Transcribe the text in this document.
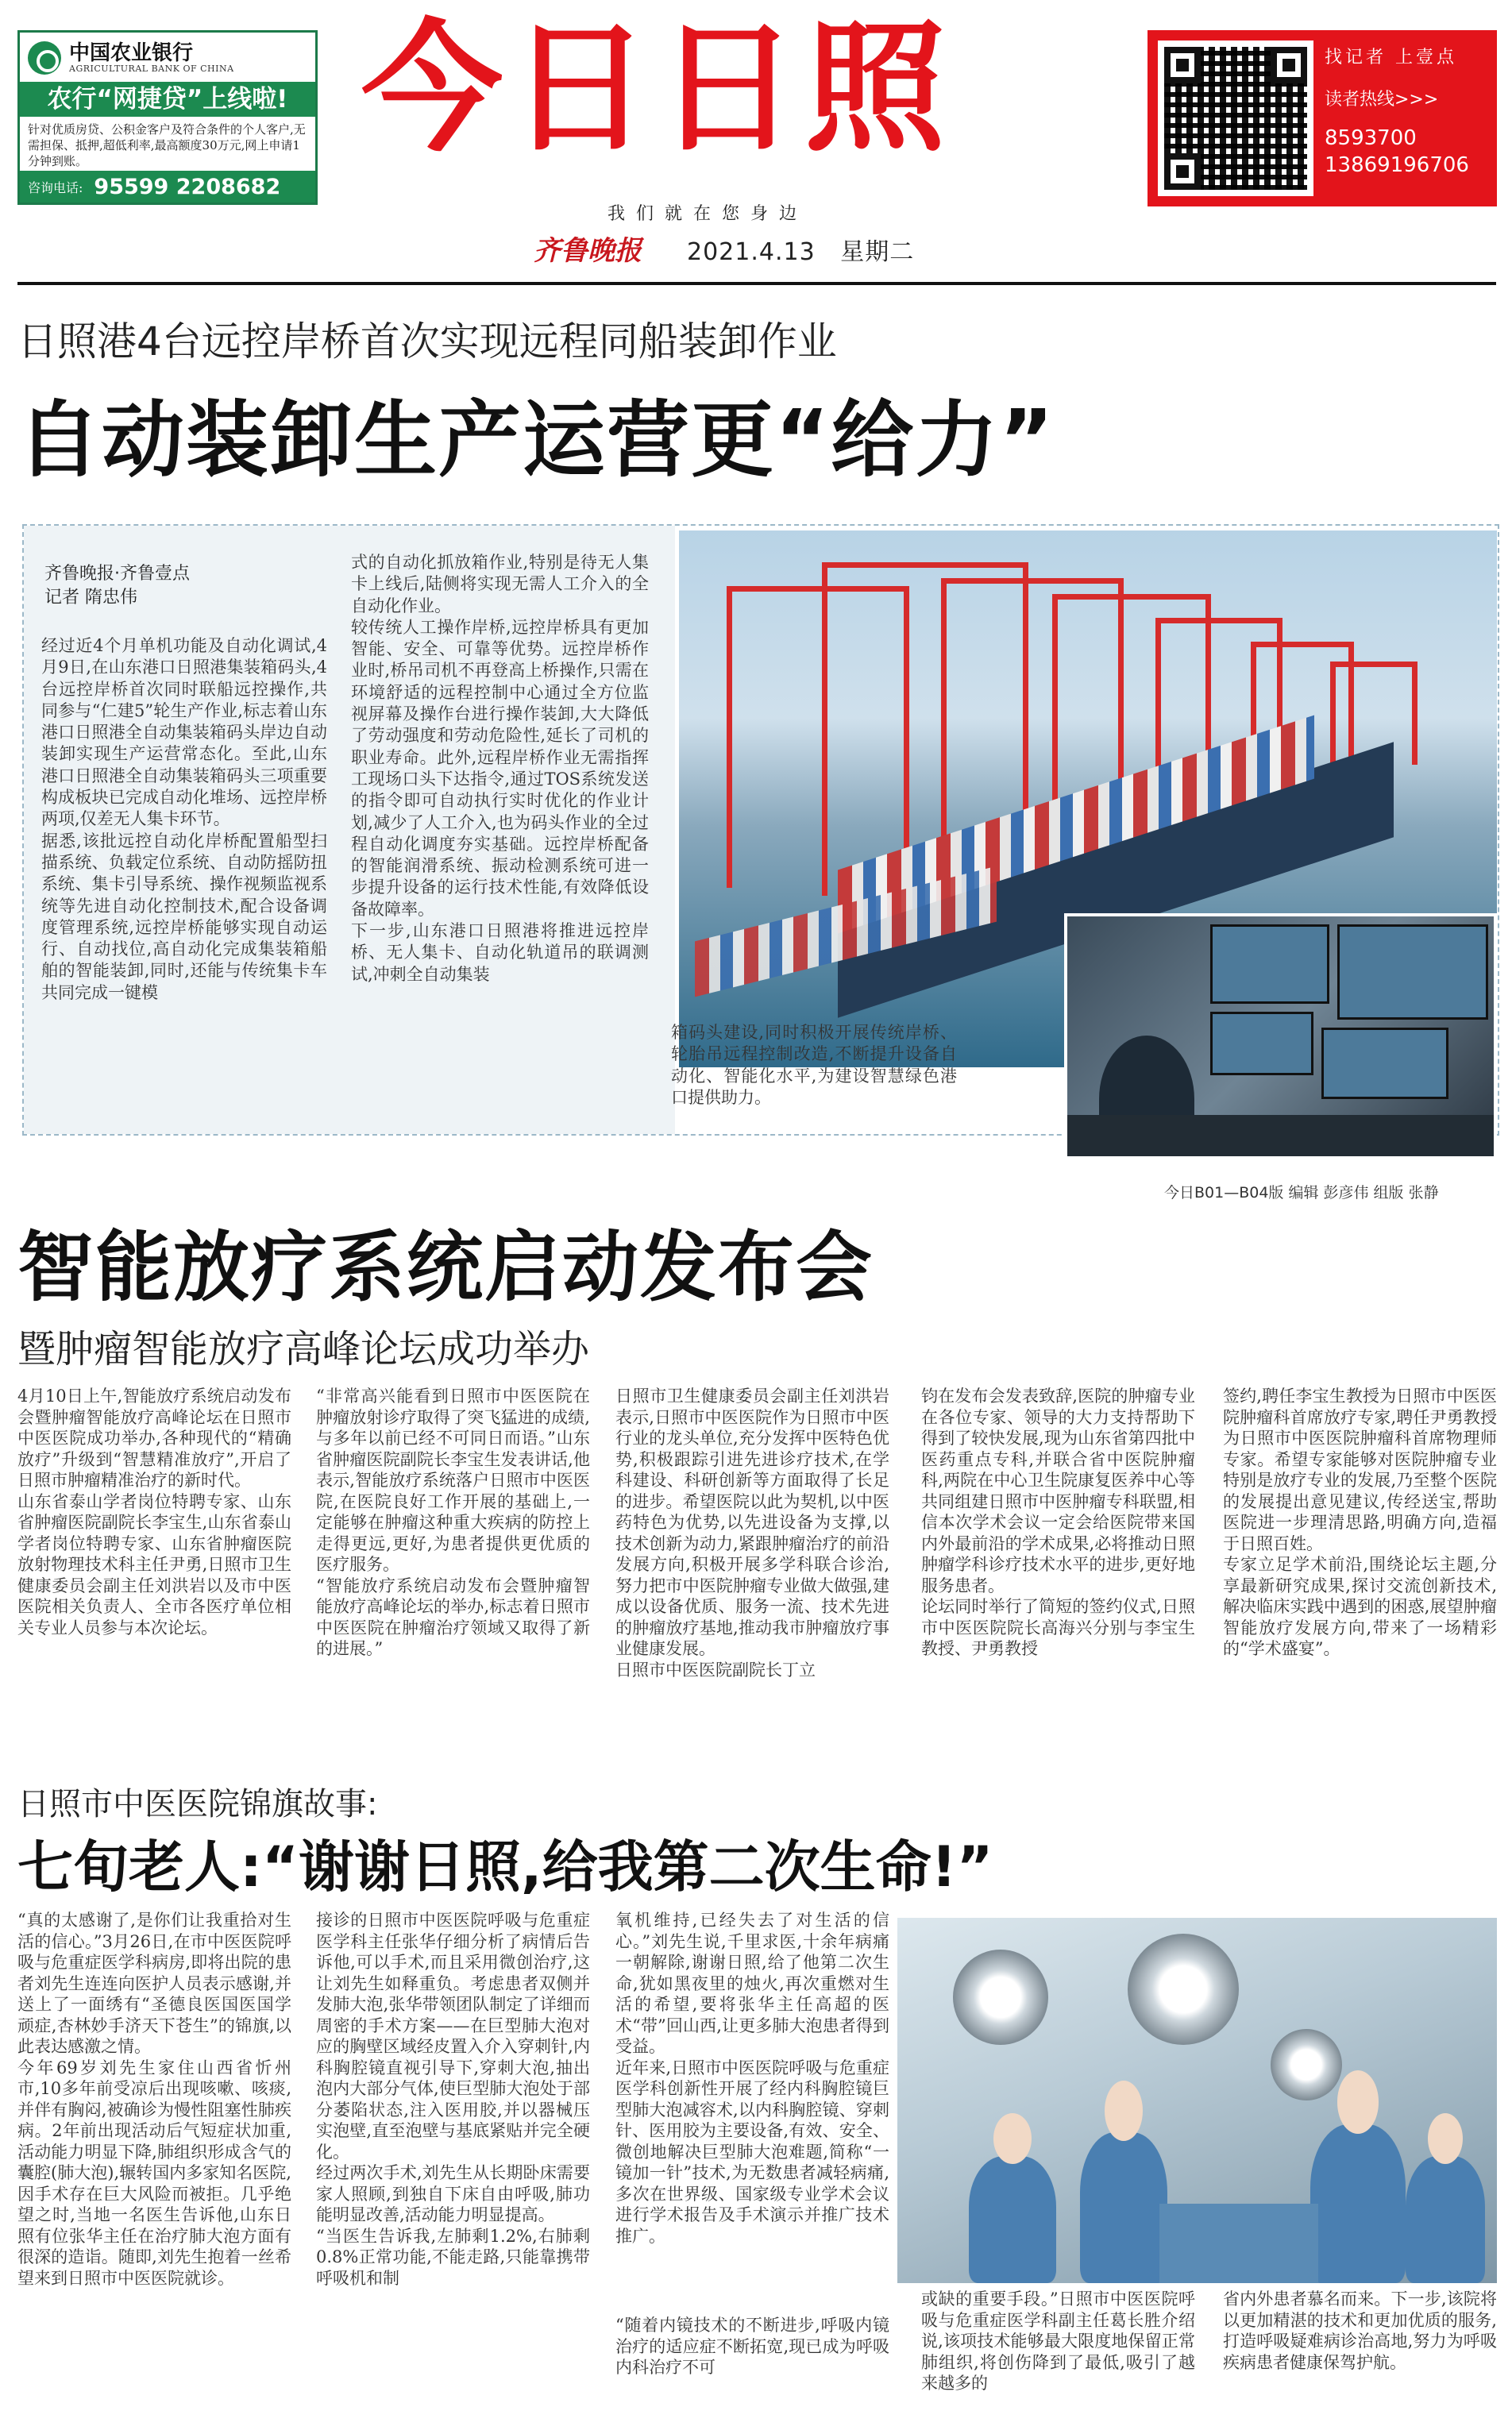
中国农业银行
AGRICULTURAL BANK OF CHINA
农行“网捷贷”上线啦!
针对优质房贷、公积金客户及符合条件的个人客户,无需担保、抵押,超低利率,最高额度30万元,网上申请1分钟到账。
咨询电话: 95599 2208682
今日日照
我们就在您身边
齐鲁晚报 2021.4.13 星期二
找记者 上壹点
读者热线>>>
8593700
13869196706
日照港4台远控岸桥首次实现远程同船装卸作业
自动装卸生产运营更“给力”
齐鲁晚报·齐鲁壹点
记者 隋忠伟
经过近4个月单机功能及自动化调试,4月9日,在山东港口日照港集装箱码头,4台远控岸桥首次同时联船远控操作,共同参与“仁建5”轮生产作业,标志着山东港口日照港全自动集装箱码头岸边自动装卸实现生产运营常态化。至此,山东港口日照港全自动集装箱码头三项重要构成板块已完成自动化堆场、远控岸桥两项,仅差无人集卡环节。
据悉,该批远控自动化岸桥配置船型扫描系统、负载定位系统、自动防摇防扭系统、集卡引导系统、操作视频监视系统等先进自动化控制技术,配合设备调度管理系统,远控岸桥能够实现自动运行、自动找位,高自动化完成集装箱船舶的智能装卸,同时,还能与传统集卡车共同完成一键模
式的自动化抓放箱作业,特别是待无人集卡上线后,陆侧将实现无需人工介入的全自动化作业。
较传统人工操作岸桥,远控岸桥具有更加智能、安全、可靠等优势。远控岸桥作业时,桥吊司机不再登高上桥操作,只需在环境舒适的远程控制中心通过全方位监视屏幕及操作台进行操作装卸,大大降低了劳动强度和劳动危险性,延长了司机的职业寿命。此外,远程岸桥作业无需指挥工现场口头下达指令,通过TOS系统发送的指令即可自动执行实时优化的作业计划,减少了人工介入,也为码头作业的全过程自动化调度夯实基础。远控岸桥配备的智能润滑系统、振动检测系统可进一步提升设备的运行技术性能,有效降低设备故障率。
下一步,山东港口日照港将推进远控岸桥、无人集卡、自动化轨道吊的联调测试,冲刺全自动集装
箱码头建设,同时积极开展传统岸桥、轮胎吊远程控制改造,不断提升设备自动化、智能化水平,为建设智慧绿色港口提供助力。
今日B01—B04版 编辑 彭彦伟 组版 张静
智能放疗系统启动发布会
暨肿瘤智能放疗高峰论坛成功举办
4月10日上午,智能放疗系统启动发布会暨肿瘤智能放疗高峰论坛在日照市中医医院成功举办,各种现代的“精确放疗”升级到“智慧精准放疗”,开启了日照市肿瘤精准治疗的新时代。
山东省泰山学者岗位特聘专家、山东省肿瘤医院副院长李宝生,山东省泰山学者岗位特聘专家、山东省肿瘤医院放射物理技术科主任尹勇,日照市卫生健康委员会副主任刘洪岩以及市中医医院相关负责人、全市各医疗单位相关专业人员参与本次论坛。
“非常高兴能看到日照市中医医院在肿瘤放射诊疗取得了突飞猛进的成绩,与多年以前已经不可同日而语。”山东省肿瘤医院副院长李宝生发表讲话,他表示,智能放疗系统落户日照市中医医院,在医院良好工作开展的基础上,一定能够在肿瘤这种重大疾病的防控上走得更远,更好,为患者提供更优质的医疗服务。
“智能放疗系统启动发布会暨肿瘤智能放疗高峰论坛的举办,标志着日照市中医医院在肿瘤治疗领域又取得了新的进展。”
日照市卫生健康委员会副主任刘洪岩表示,日照市中医医院作为日照市中医行业的龙头单位,充分发挥中医特色优势,积极跟踪引进先进诊疗技术,在学科建设、科研创新等方面取得了长足的进步。希望医院以此为契机,以中医药特色为优势,以先进设备为支撑,以技术创新为动力,紧跟肿瘤治疗的前沿发展方向,积极开展多学科联合诊治,努力把市中医院肿瘤专业做大做强,建成以设备优质、服务一流、技术先进的肿瘤放疗基地,推动我市肿瘤放疗事业健康发展。
日照市中医医院副院长丁立
钧在发布会发表致辞,医院的肿瘤专业在各位专家、领导的大力支持帮助下得到了较快发展,现为山东省第四批中医药重点专科,并联合省中医院肿瘤科,两院在中心卫生院康复医养中心等共同组建日照市中医肿瘤专科联盟,相信本次学术会议一定会给医院带来国内外最前沿的学术成果,必将推动日照肿瘤学科诊疗技术水平的进步,更好地服务患者。
论坛同时举行了简短的签约仪式,日照市中医医院院长高海兴分别与李宝生教授、尹勇教授
签约,聘任李宝生教授为日照市中医医院肿瘤科首席放疗专家,聘任尹勇教授为日照市中医医院肿瘤科首席物理师专家。希望专家能够对医院肿瘤专业特别是放疗专业的发展,乃至整个医院的发展提出意见建议,传经送宝,帮助医院进一步理清思路,明确方向,造福于日照百姓。
专家立足学术前沿,围绕论坛主题,分享最新研究成果,探讨交流创新技术,解决临床实践中遇到的困惑,展望肿瘤智能放疗发展方向,带来了一场精彩的“学术盛宴”。
日照市中医医院锦旗故事:
七旬老人:“谢谢日照,给我第二次生命!”
“真的太感谢了,是你们让我重拾对生活的信心。”3月26日,在市中医医院呼吸与危重症医学科病房,即将出院的患者刘先生连连向医护人员表示感谢,并送上了一面绣有“圣德良医国医国学顽症,杏林妙手济天下苍生”的锦旗,以此表达感激之情。
今年69岁刘先生家住山西省忻州市,10多年前受凉后出现咳嗽、咳痰,并伴有胸闷,被确诊为慢性阻塞性肺疾病。2年前出现活动后气短症状加重,活动能力明显下降,肺组织形成含气的囊腔(肺大泡),辗转国内多家知名医院,因手术存在巨大风险而被拒。几乎绝望之时,当地一名医生告诉他,山东日照有位张华主任在治疗肺大泡方面有很深的造诣。随即,刘先生抱着一丝希望来到日照市中医医院就诊。
接诊的日照市中医医院呼吸与危重症医学科主任张华仔细分析了病情后告诉他,可以手术,而且采用微创治疗,这让刘先生如释重负。考虑患者双侧并发肺大泡,张华带领团队制定了详细而周密的手术方案——在巨型肺大泡对应的胸壁区域经皮置入介入穿刺针,内科胸腔镜直视引导下,穿刺大泡,抽出泡内大部分气体,使巨型肺大泡处于部分萎陷状态,注入医用胶,并以器械压实泡壁,直至泡壁与基底紧贴并完全硬化。
经过两次手术,刘先生从长期卧床需要家人照顾,到独自下床自由呼吸,肺功能明显改善,活动能力明显提高。
“当医生告诉我,左肺剩1.2%,右肺剩0.8%正常功能,不能走路,只能靠携带呼吸机和制
氧机维持,已经失去了对生活的信心。”刘先生说,千里求医,十余年病痛一朝解除,谢谢日照,给了他第二次生命,犹如黑夜里的烛火,再次重燃对生活的希望,要将张华主任高超的医术“带”回山西,让更多肺大泡患者得到受益。
近年来,日照市中医医院呼吸与危重症医学科创新性开展了经内科胸腔镜巨型肺大泡减容术,以内科胸腔镜、穿刺针、医用胶为主要设备,有效、安全、微创地解决巨型肺大泡难题,简称“一镜加一针”技术,为无数患者减轻病痛,多次在世界级、国家级专业学术会议进行学术报告及手术演示并推广技术推广。
“随着内镜技术的不断进步,呼吸内镜治疗的适应症不断拓宽,现已成为呼吸内科治疗不可
或缺的重要手段。”日照市中医医院呼吸与危重症医学科副主任葛长胜介绍说,该项技术能够最大限度地保留正常肺组织,将创伤降到了最低,吸引了越来越多的
省内外患者慕名而来。下一步,该院将以更加精湛的技术和更加优质的服务,打造呼吸疑难病诊治高地,努力为呼吸疾病患者健康保驾护航。
